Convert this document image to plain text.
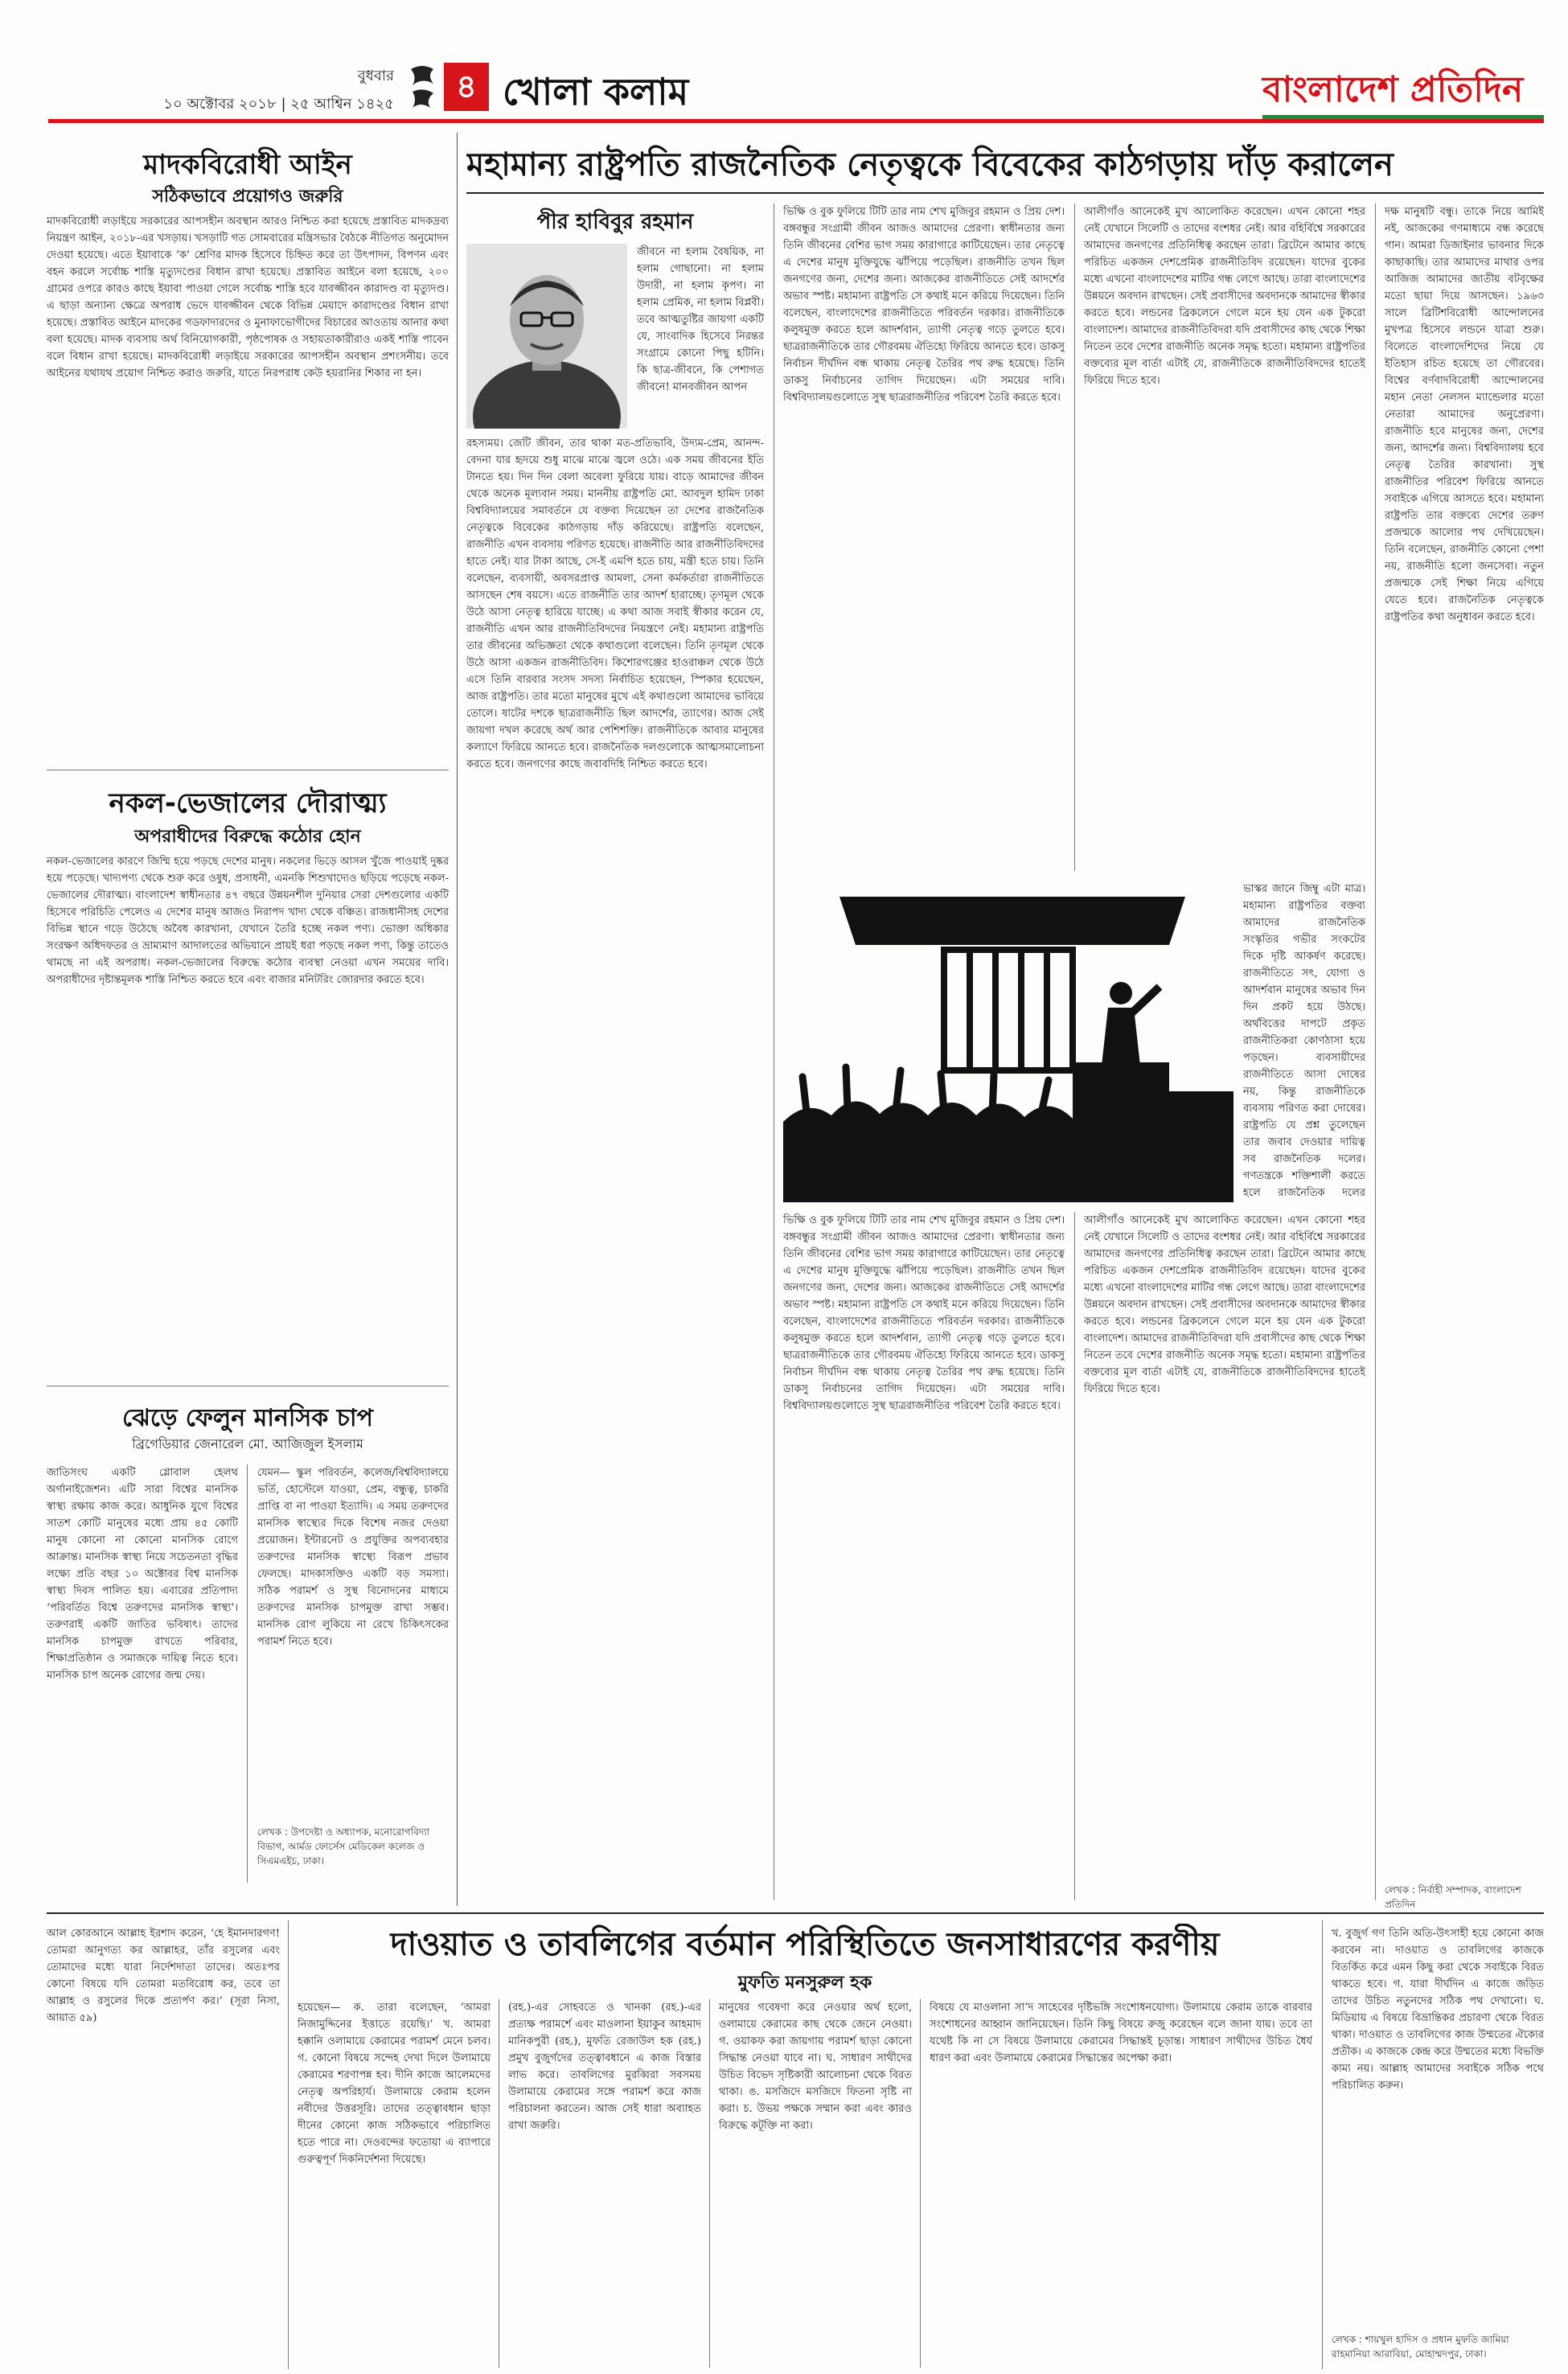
বুধবার
১০ অক্টোবর ২০১৮ | ২৫ আশ্বিন ১৪২৫	৪ খোলা কলাম	বাংলাদেশ প্রতিদিন
মাদকবিরোধী আইন
সঠিকভাবে প্রয়োগও জরুরি
মাদকবিরোধী লড়াইয়ে সরকারের আপসহীন অবস্থান আরও নিশ্চিত করা হয়েছে প্রস্তাবিত মাদকদ্রব্য নিয়ন্ত্রণ আইন, ২০১৮-এর খসড়ায়। খসড়াটি গত সোমবারের মন্ত্রিসভার বৈঠকে নীতিগত অনুমোদন দেওয়া হয়েছে। এতে ইয়াবাকে ‘ক’ শ্রেণির মাদক হিসেবে চিহ্নিত করে তা উৎপাদন, বিপণন এবং বহন করলে সর্বোচ্চ শাস্তি মৃত্যুদণ্ডের বিধান রাখা হয়েছে। প্রস্তাবিত আইনে বলা হয়েছে, ২০০ গ্রামের ওপরে কারও কাছে ইয়াবা পাওয়া গেলে সর্বোচ্চ শাস্তি হবে যাবজ্জীবন কারাদণ্ড বা মৃত্যুদণ্ড। এ ছাড়া অন্যান্য ক্ষেত্রে অপরাধ ভেদে যাবজ্জীবন থেকে বিভিন্ন মেয়াদে কারাদণ্ডের বিধান রাখা হয়েছে। প্রস্তাবিত আইনে মাদকের গডফাদারদের ও মুনাফাভোগীদের বিচারের আওতায় আনার কথা বলা হয়েছে। মাদক ব্যবসায় অর্থ বিনিয়োগকারী, পৃষ্ঠপোষক ও সহায়তাকারীরাও একই শাস্তি পাবেন বলে বিধান রাখা হয়েছে। মাদকবিরোধী লড়াইয়ে সরকারের আপসহীন অবস্থান প্রশংসনীয়। তবে আইনের যথাযথ প্রয়োগ নিশ্চিত করাও জরুরি, যাতে নিরপরাধ কেউ হয়রানির শিকার না হন।
নকল-ভেজালের দৌরাত্ম্য
অপরাধীদের বিরুদ্ধে কঠোর হোন
নকল-ভেজালের কারণে জিম্মি হয়ে পড়ছে দেশের মানুষ। নকলের ভিড়ে আসল খুঁজে পাওয়াই দুষ্কর হয়ে পড়েছে। খাদ্যপণ্য থেকে শুরু করে ওষুধ, প্রসাধনী, এমনকি শিশুখাদ্যেও ছড়িয়ে পড়েছে নকল-ভেজালের দৌরাত্ম্য। বাংলাদেশ স্বাধীনতার ৪৭ বছরে উন্নয়নশীল দুনিয়ার সেরা দেশগুলোর একটি হিসেবে পরিচিতি পেলেও এ দেশের মানুষ আজও নিরাপদ খাদ্য থেকে বঞ্চিত। রাজধানীসহ দেশের বিভিন্ন স্থানে গড়ে উঠেছে অবৈধ কারখানা, যেখানে তৈরি হচ্ছে নকল পণ্য। ভোক্তা অধিকার সংরক্ষণ অধিদফতর ও ভ্রাম্যমাণ আদালতের অভিযানে প্রায়ই ধরা পড়ছে নকল পণ্য, কিন্তু তাতেও থামছে না এই অপরাধ। নকল-ভেজালের বিরুদ্ধে কঠোর ব্যবস্থা নেওয়া এখন সময়ের দাবি। অপরাধীদের দৃষ্টান্তমূলক শাস্তি নিশ্চিত করতে হবে এবং বাজার মনিটরিং জোরদার করতে হবে।
ঝেড়ে ফেলুন মানসিক চাপ
ব্রিগেডিয়ার জেনারেল মো. আজিজুল ইসলাম
জাতিসংঘ একটি গ্লোবাল হেলথ অর্গানাইজেশন। এটি সারা বিশ্বের মানসিক স্বাস্থ্য রক্ষায় কাজ করে। আধুনিক যুগে বিশ্বের সাতশ কোটি মানুষের মধ্যে প্রায় ৪৫ কোটি মানুষ কোনো না কোনো মানসিক রোগে আক্রান্ত। মানসিক স্বাস্থ্য নিয়ে সচেতনতা বৃদ্ধির লক্ষ্যে প্রতি বছর ১০ অক্টোবর বিশ্ব মানসিক স্বাস্থ্য দিবস পালিত হয়। এবারের প্রতিপাদ্য ‘পরিবর্তিত বিশ্বে তরুণদের মানসিক স্বাস্থ্য’। তরুণরাই একটি জাতির ভবিষ্যৎ। তাদের মানসিক চাপমুক্ত রাখতে পরিবার, শিক্ষাপ্রতিষ্ঠান ও সমাজকে দায়িত্ব নিতে হবে। মানসিক চাপ অনেক রোগের জন্ম দেয়।
যেমন— স্কুল পরিবর্তন, কলেজ/বিশ্ববিদ্যালয়ে ভর্তি, হোস্টেলে যাওয়া, প্রেম, বন্ধুত্ব, চাকরি প্রাপ্তি বা না পাওয়া ইত্যাদি। এ সময় তরুণদের মানসিক স্বাস্থ্যের দিকে বিশেষ নজর দেওয়া প্রয়োজন। ইন্টারনেট ও প্রযুক্তির অপব্যবহার তরুণদের মানসিক স্বাস্থ্যে বিরূপ প্রভাব ফেলছে। মাদকাসক্তিও একটি বড় সমস্যা। সঠিক পরামর্শ ও সুস্থ বিনোদনের মাধ্যমে তরুণদের মানসিক চাপমুক্ত রাখা সম্ভব। মানসিক রোগ লুকিয়ে না রেখে চিকিৎসকের পরামর্শ নিতে হবে।
লেখক : উপদেষ্টা ও অধ্যাপক, মনোরোগবিদ্যা বিভাগ, আর্মড ফোর্সেস মেডিকেল কলেজ ও সিএমএইচ, ঢাকা।
মহামান্য রাষ্ট্রপতি রাজনৈতিক নেতৃত্বকে বিবেকের কাঠগড়ায় দাঁড় করালেন
পীর হাবিবুর রহমান
জীবনে না হলাম বৈষয়িক, না হলাম গোছানো। না হলাম উদারী, না হলাম কৃপণ। না হলাম প্রেমিক, না হলাম বিপ্লবী। তবে আত্মতুষ্টির জায়গা একটি যে, সাংবাদিক হিসেবে নিরন্তর সংগ্রামে কোনো পিছু হটিনি। কি ছাত্র-জীবনে, কি পেশাগত জীবনে! মানবজীবন আপন
রহস্যময়। জেটি জীবন, তার থাকা মত-প্রতিভাবি, উদ্যম-প্রেম, আনন্দ-বেদনা যার হৃদয়ে শুধু মাঝে মাঝে জ্বলে ওঠে। এক সময় জীবনের ইতি টানতে হয়। দিন দিন বেলা অবেলা ফুরিয়ে যায়। বাড়ে আমাদের জীবন থেকে অনেক মূল্যবান সময়। মাননীয় রাষ্ট্রপতি মো. আবদুল হামিদ ঢাকা বিশ্ববিদ্যালয়ের সমাবর্তনে যে বক্তব্য দিয়েছেন তা দেশের রাজনৈতিক নেতৃত্বকে বিবেকের কাঠগড়ায় দাঁড় করিয়েছে। রাষ্ট্রপতি বলেছেন, রাজনীতি এখন ব্যবসায় পরিণত হয়েছে। রাজনীতি আর রাজনীতিবিদদের হাতে নেই। যার টাকা আছে, সে-ই এমপি হতে চায়, মন্ত্রী হতে চায়। তিনি বলেছেন, ব্যবসায়ী, অবসরপ্রাপ্ত আমলা, সেনা কর্মকর্তারা রাজনীতিতে আসছেন শেষ বয়সে। এতে রাজনীতি তার আদর্শ হারাচ্ছে। তৃণমূল থেকে উঠে আসা নেতৃত্ব হারিয়ে যাচ্ছে। এ কথা আজ সবাই স্বীকার করেন যে, রাজনীতি এখন আর রাজনীতিবিদদের নিয়ন্ত্রণে নেই। মহামান্য রাষ্ট্রপতি তার জীবনের অভিজ্ঞতা থেকে কথাগুলো বলেছেন। তিনি তৃণমূল থেকে উঠে আসা একজন রাজনীতিবিদ। কিশোরগঞ্জের হাওরাঞ্চল থেকে উঠে এসে তিনি বারবার সংসদ সদস্য নির্বাচিত হয়েছেন, স্পিকার হয়েছেন, আজ রাষ্ট্রপতি। তার মতো মানুষের মুখে এই কথাগুলো আমাদের ভাবিয়ে তোলে। ষাটের দশকে ছাত্ররাজনীতি ছিল আদর্শের, ত্যাগের। আজ সেই জায়গা দখল করেছে অর্থ আর পেশিশক্তি। রাজনীতিকে আবার মানুষের কল্যাণে ফিরিয়ে আনতে হবে। রাজনৈতিক দলগুলোকে আত্মসমালোচনা করতে হবে। জনগণের কাছে জবাবদিহি নিশ্চিত করতে হবে।
ভিক্ষি ও বুক ফুলিয়ে টিটি তার নাম শেখ মুজিবুর রহমান ও প্রিয় দেশ। বঙ্গবন্ধুর সংগ্রামী জীবন আজও আমাদের প্রেরণা। স্বাধীনতার জন্য তিনি জীবনের বেশির ভাগ সময় কারাগারে কাটিয়েছেন। তার নেতৃত্বে এ দেশের মানুষ মুক্তিযুদ্ধে ঝাঁপিয়ে পড়েছিল। রাজনীতি তখন ছিল জনগণের জন্য, দেশের জন্য। আজকের রাজনীতিতে সেই আদর্শের অভাব স্পষ্ট। মহামান্য রাষ্ট্রপতি সে কথাই মনে করিয়ে দিয়েছেন। তিনি বলেছেন, বাংলাদেশের রাজনীতিতে পরিবর্তন দরকার। রাজনীতিকে কলুষমুক্ত করতে হলে আদর্শবান, ত্যাগী নেতৃত্ব গড়ে তুলতে হবে। ছাত্ররাজনীতিকে তার গৌরবময় ঐতিহ্যে ফিরিয়ে আনতে হবে। ডাকসু নির্বাচন দীর্ঘদিন বন্ধ থাকায় নেতৃত্ব তৈরির পথ রুদ্ধ হয়েছে। তিনি ডাকসু নির্বাচনের তাগিদ দিয়েছেন। এটা সময়ের দাবি। বিশ্ববিদ্যালয়গুলোতে সুস্থ ছাত্ররাজনীতির পরিবেশ তৈরি করতে হবে।
আলীগাঁও আনেকেই মুখ আলোকিত করেছেন। এখন কোনো শহর নেই যেখানে সিলেটি ও তাদের বংশধর নেই। আর বহির্বিশ্বে সরকারের আমাদের জনগণের প্রতিনিধিত্ব করছেন তারা। ব্রিটেনে আমার কাছে পরিচিত একজন দেশপ্রেমিক রাজনীতিবিদ রয়েছেন। যাদের বুকের মধ্যে এখনো বাংলাদেশের মাটির গন্ধ লেগে আছে। তারা বাংলাদেশের উন্নয়নে অবদান রাখছেন। সেই প্রবাসীদের অবদানকে আমাদের স্বীকার করতে হবে। লন্ডনের ব্রিকলেনে গেলে মনে হয় যেন এক টুকরো বাংলাদেশ। আমাদের রাজনীতিবিদরা যদি প্রবাসীদের কাছ থেকে শিক্ষা নিতেন তবে দেশের রাজনীতি অনেক সমৃদ্ধ হতো। মহামান্য রাষ্ট্রপতির বক্তব্যের মূল বার্তা এটাই যে, রাজনীতিকে রাজনীতিবিদদের হাতেই ফিরিয়ে দিতে হবে।
ভাস্কর জানে জিম্বু এটা মাত্র। মহামান্য রাষ্ট্রপতির বক্তব্য আমাদের রাজনৈতিক সংস্কৃতির গভীর সংকটের দিকে দৃষ্টি আকর্ষণ করেছে। রাজনীতিতে সৎ, যোগ্য ও আদর্শবান মানুষের অভাব দিন দিন প্রকট হয়ে উঠছে। অর্থবিত্তের দাপটে প্রকৃত রাজনীতিকরা কোণঠাসা হয়ে পড়ছেন। ব্যবসায়ীদের রাজনীতিতে আসা দোষের নয়, কিন্তু রাজনীতিকে ব্যবসায় পরিণত করা দোষের। রাষ্ট্রপতি যে প্রশ্ন তুলেছেন তার জবাব দেওয়ার দায়িত্ব সব রাজনৈতিক দলের। গণতন্ত্রকে শক্তিশালী করতে হলে রাজনৈতিক দলের
দক্ষ মানুষটি বন্ধু। তাকে নিয়ে আমিই নই, আজকের গণমাধ্যমে বন্ধ করেছে গান। আমরা ডিজাইনার ভাবনার দিকে কাছাকাছি। তার আমাদের মাথার ওপর আজিজ আমাদের জাতীয় বটবৃক্ষের মতো ছায়া দিয়ে আসছেন। ১৯৬৩ সালে ব্রিটিশবিরোধী আন্দোলনের মুখপত্র হিসেবে লন্ডনে যাত্রা শুরু। বিলেতে বাংলাদেশিদের নিয়ে যে ইতিহাস রচিত হয়েছে তা গৌরবের। বিশ্বের বর্ণবাদবিরোধী আন্দোলনের মহান নেতা নেলসন ম্যান্ডেলার মতো নেতারা আমাদের অনুপ্রেরণা। রাজনীতি হবে মানুষের জন্য, দেশের জন্য, আদর্শের জন্য। বিশ্ববিদ্যালয় হবে নেতৃত্ব তৈরির কারখানা। সুস্থ রাজনীতির পরিবেশ ফিরিয়ে আনতে সবাইকে এগিয়ে আসতে হবে। মহামান্য রাষ্ট্রপতি তার বক্তব্যে দেশের তরুণ প্রজন্মকে আলোর পথ দেখিয়েছেন। তিনি বলেছেন, রাজনীতি কোনো পেশা নয়, রাজনীতি হলো জনসেবা। নতুন প্রজন্মকে সেই শিক্ষা নিয়ে এগিয়ে যেতে হবে। রাজনৈতিক নেতৃত্বকে রাষ্ট্রপতির কথা অনুধাবন করতে হবে।
ভিক্ষি ও বুক ফুলিয়ে টিটি তার নাম শেখ মুজিবুর রহমান ও প্রিয় দেশ। বঙ্গবন্ধুর সংগ্রামী জীবন আজও আমাদের প্রেরণা। স্বাধীনতার জন্য তিনি জীবনের বেশির ভাগ সময় কারাগারে কাটিয়েছেন। তার নেতৃত্বে এ দেশের মানুষ মুক্তিযুদ্ধে ঝাঁপিয়ে পড়েছিল। রাজনীতি তখন ছিল জনগণের জন্য, দেশের জন্য। আজকের রাজনীতিতে সেই আদর্শের অভাব স্পষ্ট। মহামান্য রাষ্ট্রপতি সে কথাই মনে করিয়ে দিয়েছেন। তিনি বলেছেন, বাংলাদেশের রাজনীতিতে পরিবর্তন দরকার। রাজনীতিকে কলুষমুক্ত করতে হলে আদর্শবান, ত্যাগী নেতৃত্ব গড়ে তুলতে হবে। ছাত্ররাজনীতিকে তার গৌরবময় ঐতিহ্যে ফিরিয়ে আনতে হবে। ডাকসু নির্বাচন দীর্ঘদিন বন্ধ থাকায় নেতৃত্ব তৈরির পথ রুদ্ধ হয়েছে। তিনি ডাকসু নির্বাচনের তাগিদ দিয়েছেন। এটা সময়ের দাবি। বিশ্ববিদ্যালয়গুলোতে সুস্থ ছাত্ররাজনীতির পরিবেশ তৈরি করতে হবে।
আলীগাঁও আনেকেই মুখ আলোকিত করেছেন। এখন কোনো শহর নেই যেখানে সিলেটি ও তাদের বংশধর নেই। আর বহির্বিশ্বে সরকারের আমাদের জনগণের প্রতিনিধিত্ব করছেন তারা। ব্রিটেনে আমার কাছে পরিচিত একজন দেশপ্রেমিক রাজনীতিবিদ রয়েছেন। যাদের বুকের মধ্যে এখনো বাংলাদেশের মাটির গন্ধ লেগে আছে। তারা বাংলাদেশের উন্নয়নে অবদান রাখছেন। সেই প্রবাসীদের অবদানকে আমাদের স্বীকার করতে হবে। লন্ডনের ব্রিকলেনে গেলে মনে হয় যেন এক টুকরো বাংলাদেশ। আমাদের রাজনীতিবিদরা যদি প্রবাসীদের কাছ থেকে শিক্ষা নিতেন তবে দেশের রাজনীতি অনেক সমৃদ্ধ হতো। মহামান্য রাষ্ট্রপতির বক্তব্যের মূল বার্তা এটাই যে, রাজনীতিকে রাজনীতিবিদদের হাতেই ফিরিয়ে দিতে হবে।
লেখক : নির্বাহী সম্পাদক, বাংলাদেশ প্রতিদিন
আল কোরআনে আল্লাহ ইরশাদ করেন, ‘হে ইমানদারগণ! তোমরা আনুগত্য কর আল্লাহর, তাঁর রসুলের এবং তোমাদের মধ্যে যারা নির্দেশদাতা তাদের। অতঃপর কোনো বিষয়ে যদি তোমরা মতবিরোধ কর, তবে তা আল্লাহ ও রসুলের দিকে প্রত্যর্পণ কর।’ (সূরা নিসা, আয়াত ৫৯)
দাওয়াত ও তাবলিগের বর্তমান পরিস্থিতিতে জনসাধারণের করণীয়
মুফতি মনসুরুল হক
হয়েছেন— ক. তারা বলেছেন, ‘আমরা নিজামুদ্দিনের ইত্তাতে রয়েছি।’ খ. আমরা হক্কানি ওলামায়ে কেরামের পরামর্শ মেনে চলব। গ. কোনো বিষয়ে সন্দেহ দেখা দিলে উলামায়ে কেরামের শরণাপন্ন হব। দীনি কাজে আলেমদের নেতৃত্ব অপরিহার্য। উলামায়ে কেরাম হলেন নবীদের উত্তরসূরি। তাদের তত্ত্বাবধান ছাড়া দীনের কোনো কাজ সঠিকভাবে পরিচালিত হতে পারে না। দেওবন্দের ফতোয়া এ ব্যাপারে গুরুত্বপূর্ণ দিকনির্দেশনা দিয়েছে।
(রহ.)-এর সোহবতে ও খানকা (রহ.)-এর প্রত্যক্ষ পরামর্শে এবং মাওলানা ইয়াকুব আহমাদ মানিকপুরী (রহ.), মুফতি রেজাউল হক (রহ.) প্রমুখ বুজুর্গদের তত্ত্বাবধানে এ কাজ বিস্তার লাভ করে। তাবলিগের মুরব্বিরা সবসময় উলামায়ে কেরামের সঙ্গে পরামর্শ করে কাজ পরিচালনা করতেন। আজ সেই ধারা অব্যাহত রাখা জরুরি।
মানুষের গবেষণা করে নেওয়ার অর্থ হলো, ওলামায়ে কেরামের কাছ থেকে জেনে নেওয়া। গ. ওয়াকফ করা জায়গায় পরামর্শ ছাড়া কোনো সিদ্ধান্ত নেওয়া যাবে না। ঘ. সাধারণ সাথীদের উচিত বিভেদ সৃষ্টিকারী আলোচনা থেকে বিরত থাকা। ঙ. মসজিদে মসজিদে ফিতনা সৃষ্টি না করা। চ. উভয় পক্ষকে সম্মান করা এবং কারও বিরুদ্ধে কটূক্তি না করা।
বিষয়ে যে মাওলানা সা’দ সাহেবের দৃষ্টিভঙ্গি সংশোধনযোগ্য। উলামায়ে কেরাম তাকে বারবার সংশোধনের আহ্বান জানিয়েছেন। তিনি কিছু বিষয়ে রুজু করেছেন বলে জানা যায়। তবে তা যথেষ্ট কি না সে বিষয়ে উলামায়ে কেরামের সিদ্ধান্তই চূড়ান্ত। সাধারণ সাথীদের উচিত ধৈর্য ধারণ করা এবং উলামায়ে কেরামের সিদ্ধান্তের অপেক্ষা করা।
খ. বুজুর্গ গণ তিনি অতি-উৎসাহী হয়ে কোনো কাজ করবেন না। দাওয়াত ও তাবলিগের কাজকে বিতর্কিত করে এমন কিছু করা থেকে সবাইকে বিরত থাকতে হবে। গ. যারা দীর্ঘদিন এ কাজে জড়িত তাদের উচিত নতুনদের সঠিক পথ দেখানো। ঘ. মিডিয়ায় এ বিষয়ে বিভ্রান্তিকর প্রচারণা থেকে বিরত থাকা। দাওয়াত ও তাবলিগের কাজ উম্মতের ঐক্যের প্রতীক। এ কাজকে কেন্দ্র করে উম্মতের মধ্যে বিভক্তি কাম্য নয়। আল্লাহ আমাদের সবাইকে সঠিক পথে পরিচালিত করুন।
লেখক : শায়খুল হাদিস ও প্রধান মুফতি জামিয়া রাহমানিয়া আরাবিয়া, মোহাম্মদপুর, ঢাকা।
